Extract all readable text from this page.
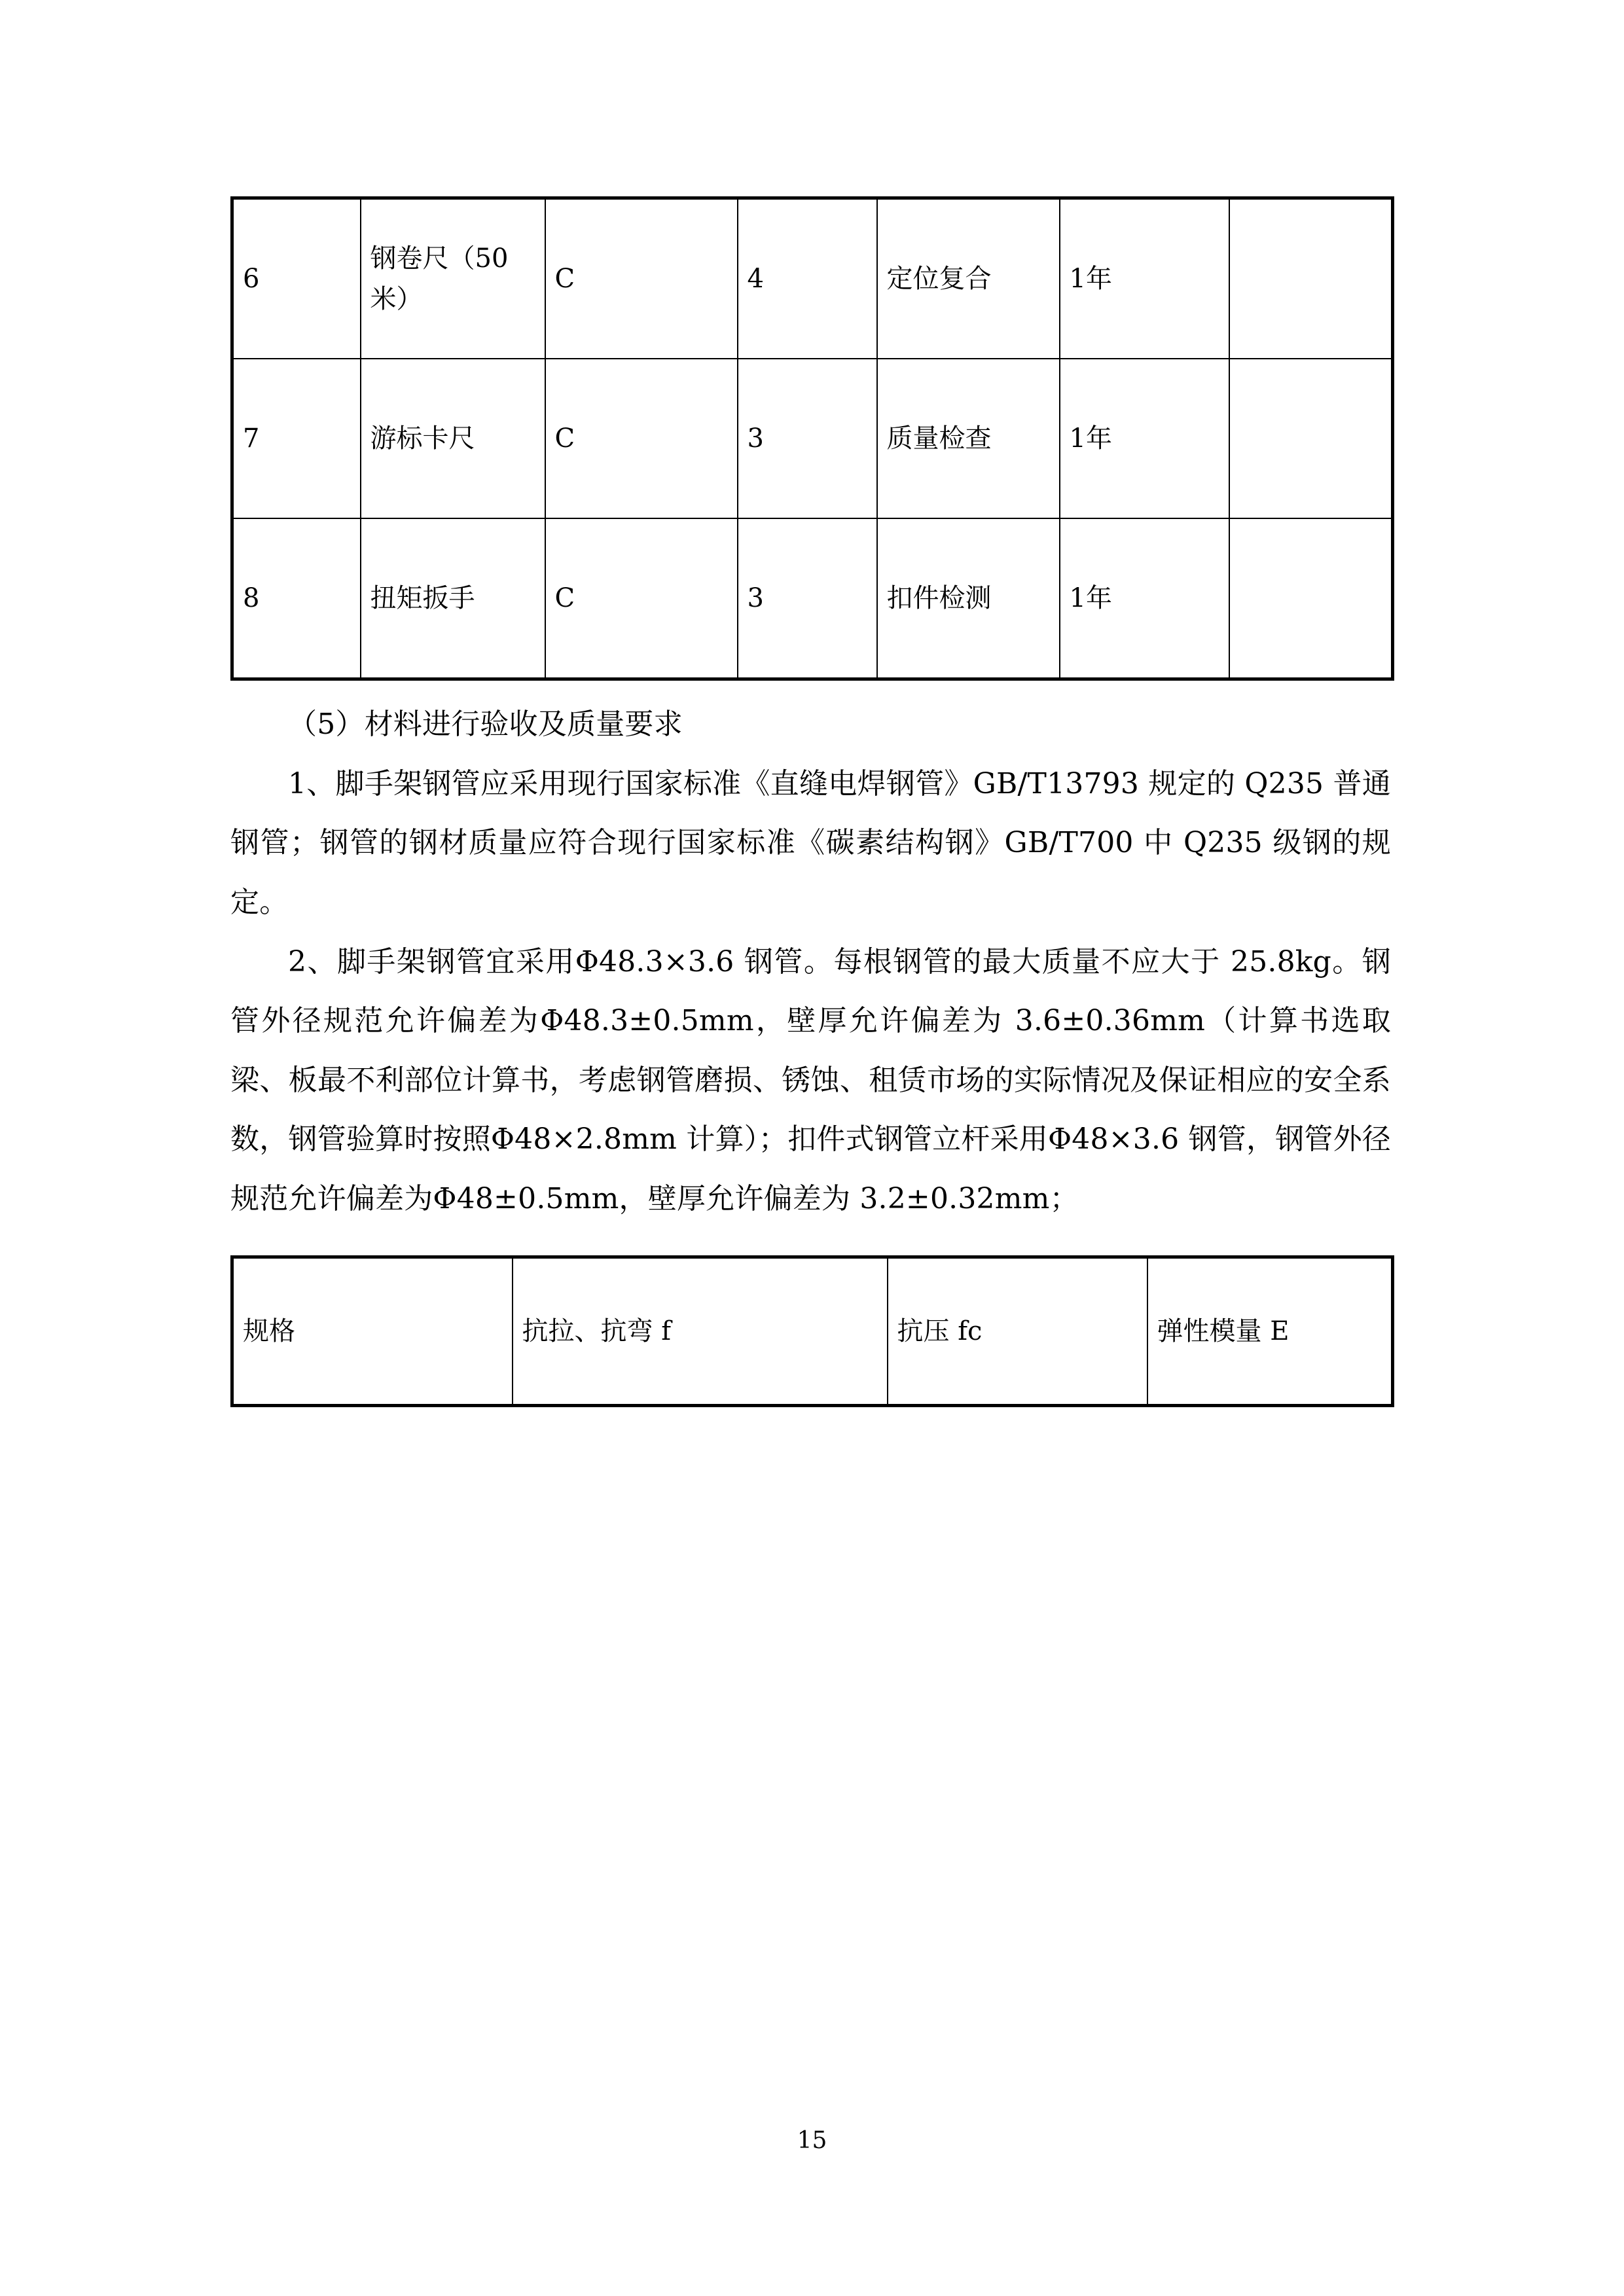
6	钢卷尺（50米）	C	4	定位复合	1年	
7	游标卡尺	C	3	质量检查	1年	
8	扭矩扳手	C	3	扣件检测	1年	

（5）材料进行验收及质量要求

1、脚手架钢管应采用现行国家标准《直缝电焊钢管》GB/T13793 规定的 Q235 普通钢管；钢管的钢材质量应符合现行国家标准《碳素结构钢》GB/T700 中 Q235 级钢的规定。

2、脚手架钢管宜采用Φ48.3×3.6 钢管。每根钢管的最大质量不应大于 25.8kg。钢管外径规范允许偏差为Φ48.3±0.5mm，壁厚允许偏差为 3.6±0.36mm（计算书选取梁、板最不利部位计算书，考虑钢管磨损、锈蚀、租赁市场的实际情况及保证相应的安全系数，钢管验算时按照Φ48×2.8mm 计算）；扣件式钢管立杆采用Φ48×3.6 钢管，钢管外径规范允许偏差为Φ48±0.5mm，壁厚允许偏差为 3.2±0.32mm；

规格	抗拉、抗弯 f	抗压 fc	弹性模量 E
15
